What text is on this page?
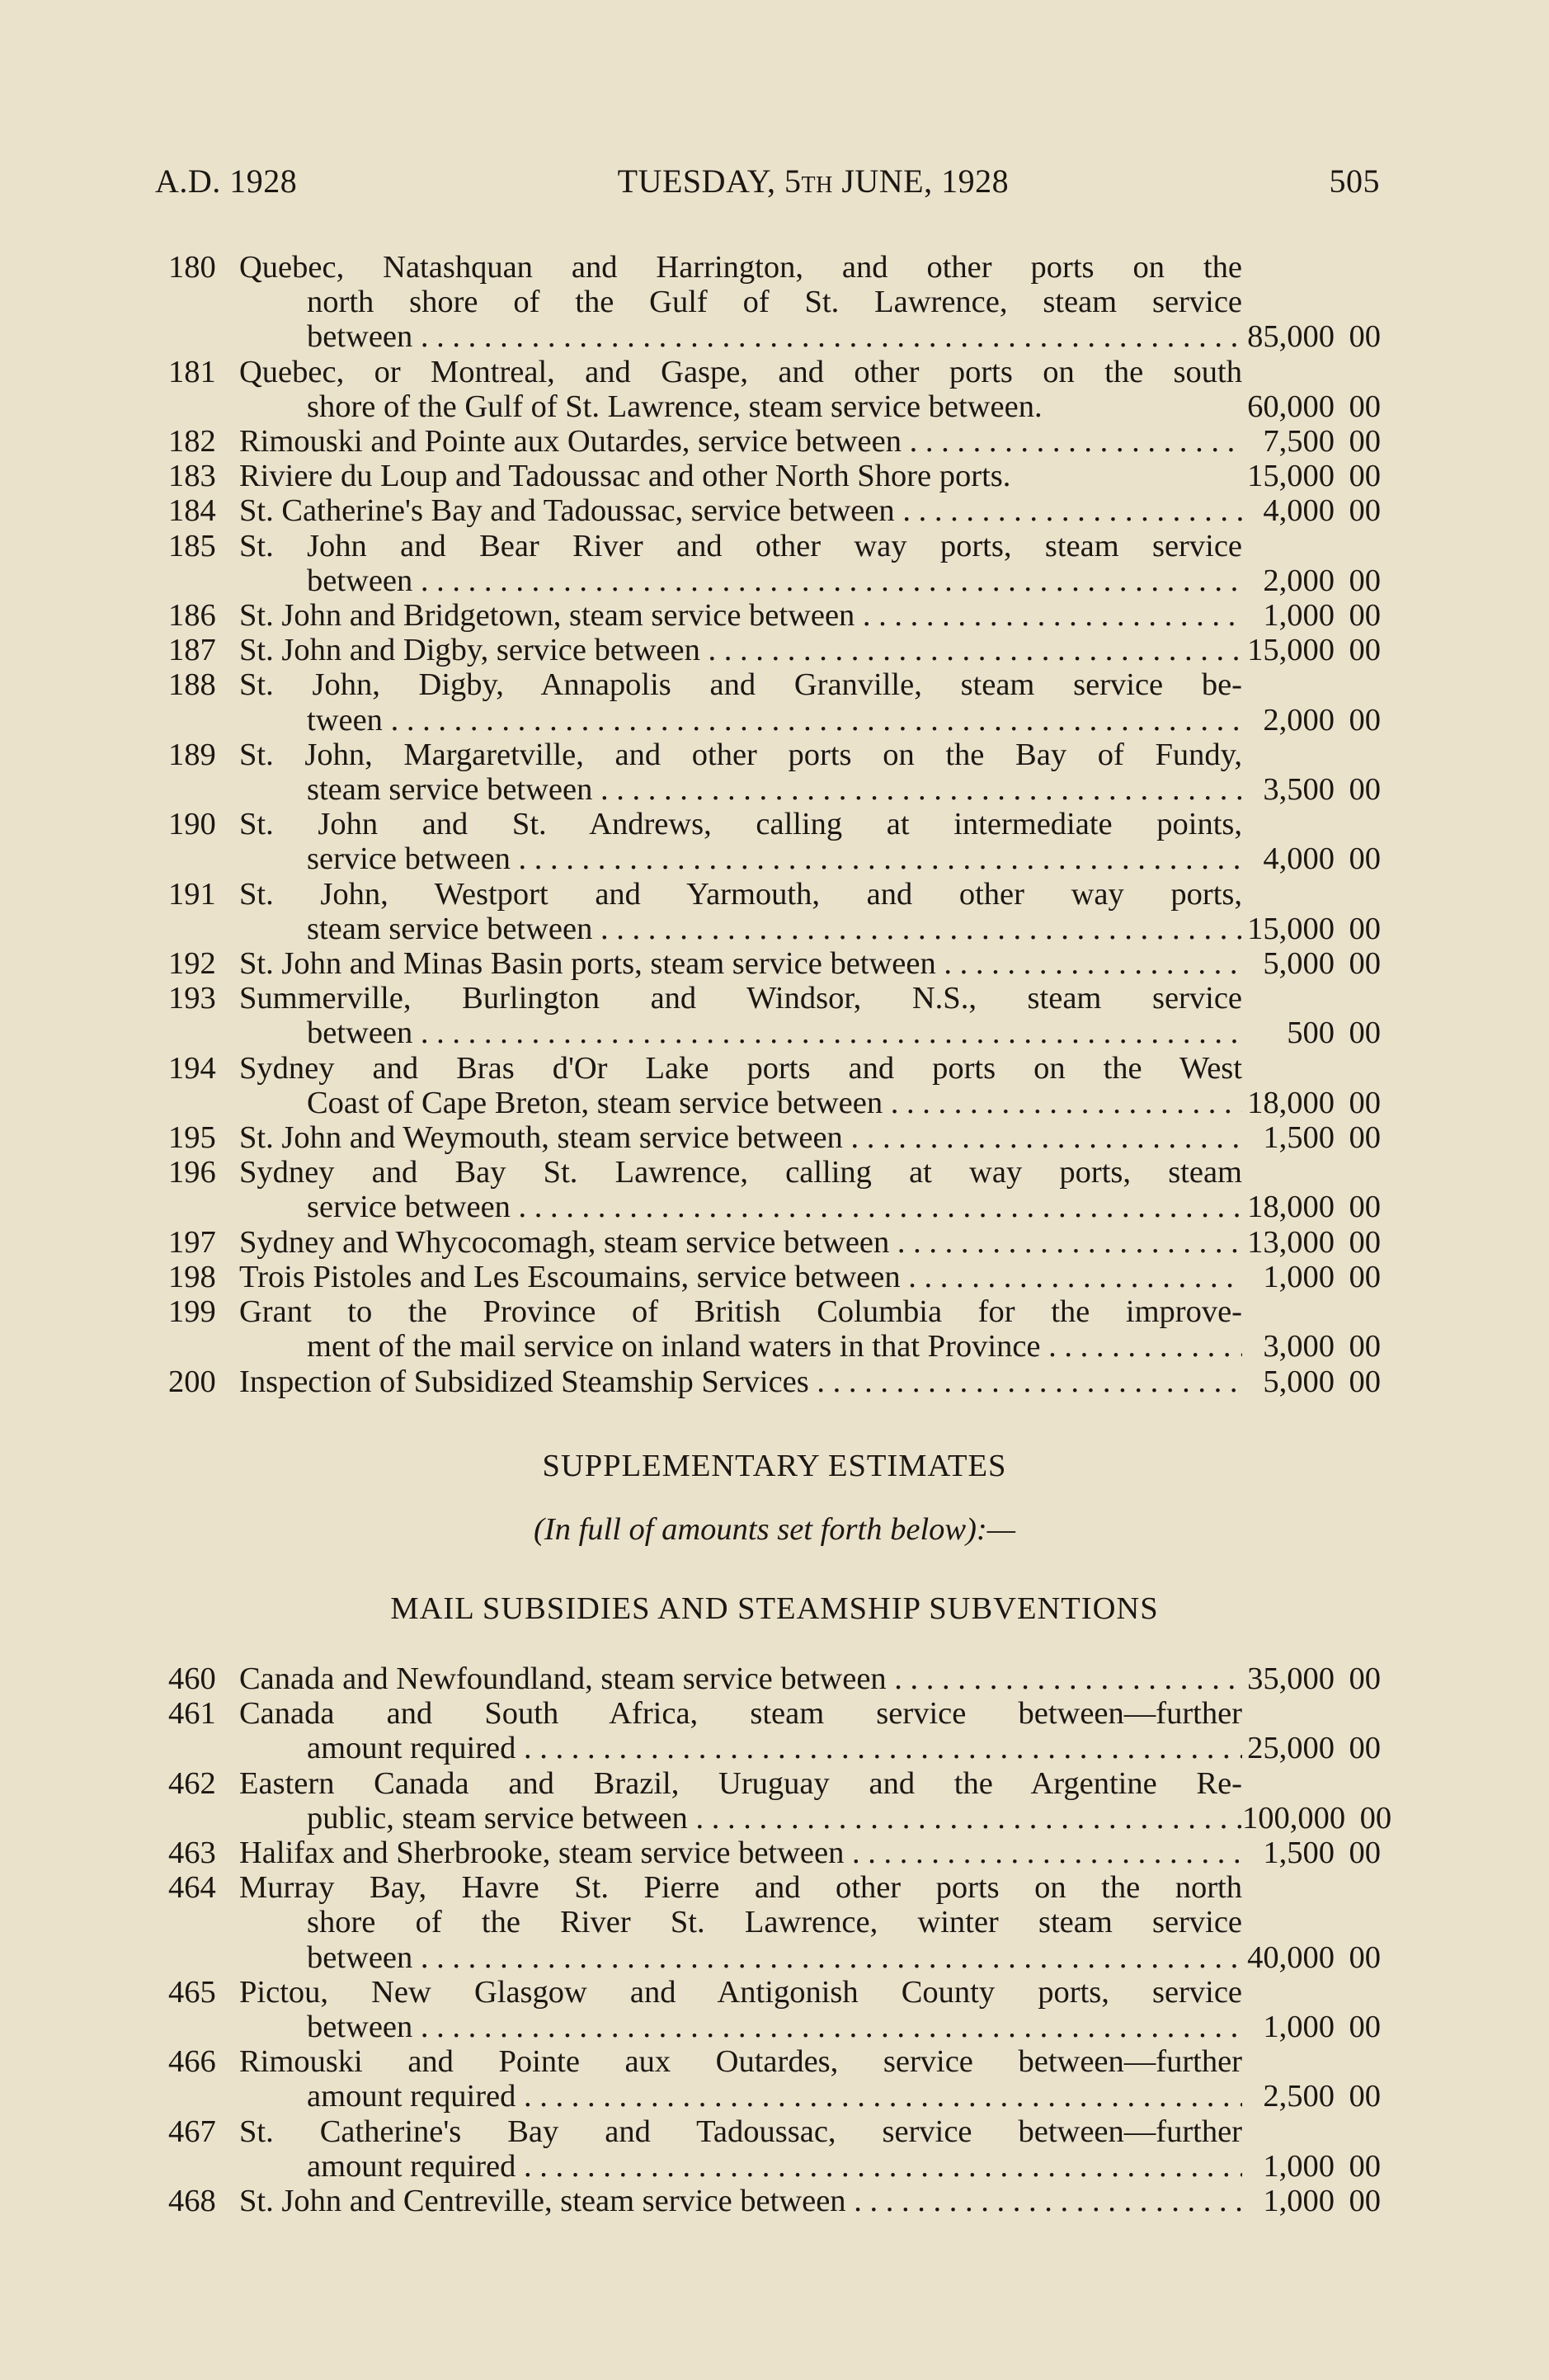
A.D. 1928	TUESDAY, 5th JUNE, 1928	505
180 Quebec, Natashquan and Harrington, and other ports on the
north shore of the Gulf of St. Lawrence, steam service
between . . .	85,000 00
181 Quebec, or Montreal, and Gaspe, and other ports on the south
shore of the Gulf of St. Lawrence, steam service between.	60,000 00
182 Rimouski and Pointe aux Outardes, service between . . .	7,500 00
183 Riviere du Loup and Tadoussac and other North Shore ports.	15,000 00
184 St. Catherine's Bay and Tadoussac, service between . . .	4,000 00
185 St. John and Bear River and other way ports, steam service
between . . .	2,000 00
186 St. John and Bridgetown, steam service between . . .	1,000 00
187 St. John and Digby, service between . . .	15,000 00
188 St. John, Digby, Annapolis and Granville, steam service be-
tween . . .	2,000 00
189 St. John, Margaretville, and other ports on the Bay of Fundy,
steam service between . . .	3,500 00
190 St. John and St. Andrews, calling at intermediate points,
service between . . .	4,000 00
191 St. John, Westport and Yarmouth, and other way ports,
steam service between . . .	15,000 00
192 St. John and Minas Basin ports, steam service between . . .	5,000 00
193 Summerville, Burlington and Windsor, N.S., steam service
between . . .	500 00
194 Sydney and Bras d'Or Lake ports and ports on the West
Coast of Cape Breton, steam service between . . .	18,000 00
195 St. John and Weymouth, steam service between . . .	1,500 00
196 Sydney and Bay St. Lawrence, calling at way ports, steam
service between . . .	18,000 00
197 Sydney and Whycocomagh, steam service between . . .	13,000 00
198 Trois Pistoles and Les Escoumains, service between . . .	1,000 00
199 Grant to the Province of British Columbia for the improve-
ment of the mail service on inland waters in that Province . . .	3,000 00
200 Inspection of Subsidized Steamship Services . . .	5,000 00
SUPPLEMENTARY ESTIMATES
(In full of amounts set forth below):—
MAIL SUBSIDIES AND STEAMSHIP SUBVENTIONS
460 Canada and Newfoundland, steam service between . . .	35,000 00
461 Canada and South Africa, steam service between—further
amount required . . .	25,000 00
462 Eastern Canada and Brazil, Uruguay and the Argentine Re-
public, steam service between . . .	100,000 00
463 Halifax and Sherbrooke, steam service between . . .	1,500 00
464 Murray Bay, Havre St. Pierre and other ports on the north
shore of the River St. Lawrence, winter steam service
between . . .	40,000 00
465 Pictou, New Glasgow and Antigonish County ports, service
between . . .	1,000 00
466 Rimouski and Pointe aux Outardes, service between—further
amount required . . .	2,500 00
467 St. Catherine's Bay and Tadoussac, service between—further
amount required . . .	1,000 00
468 St. John and Centreville, steam service between . . .	1,000 00
